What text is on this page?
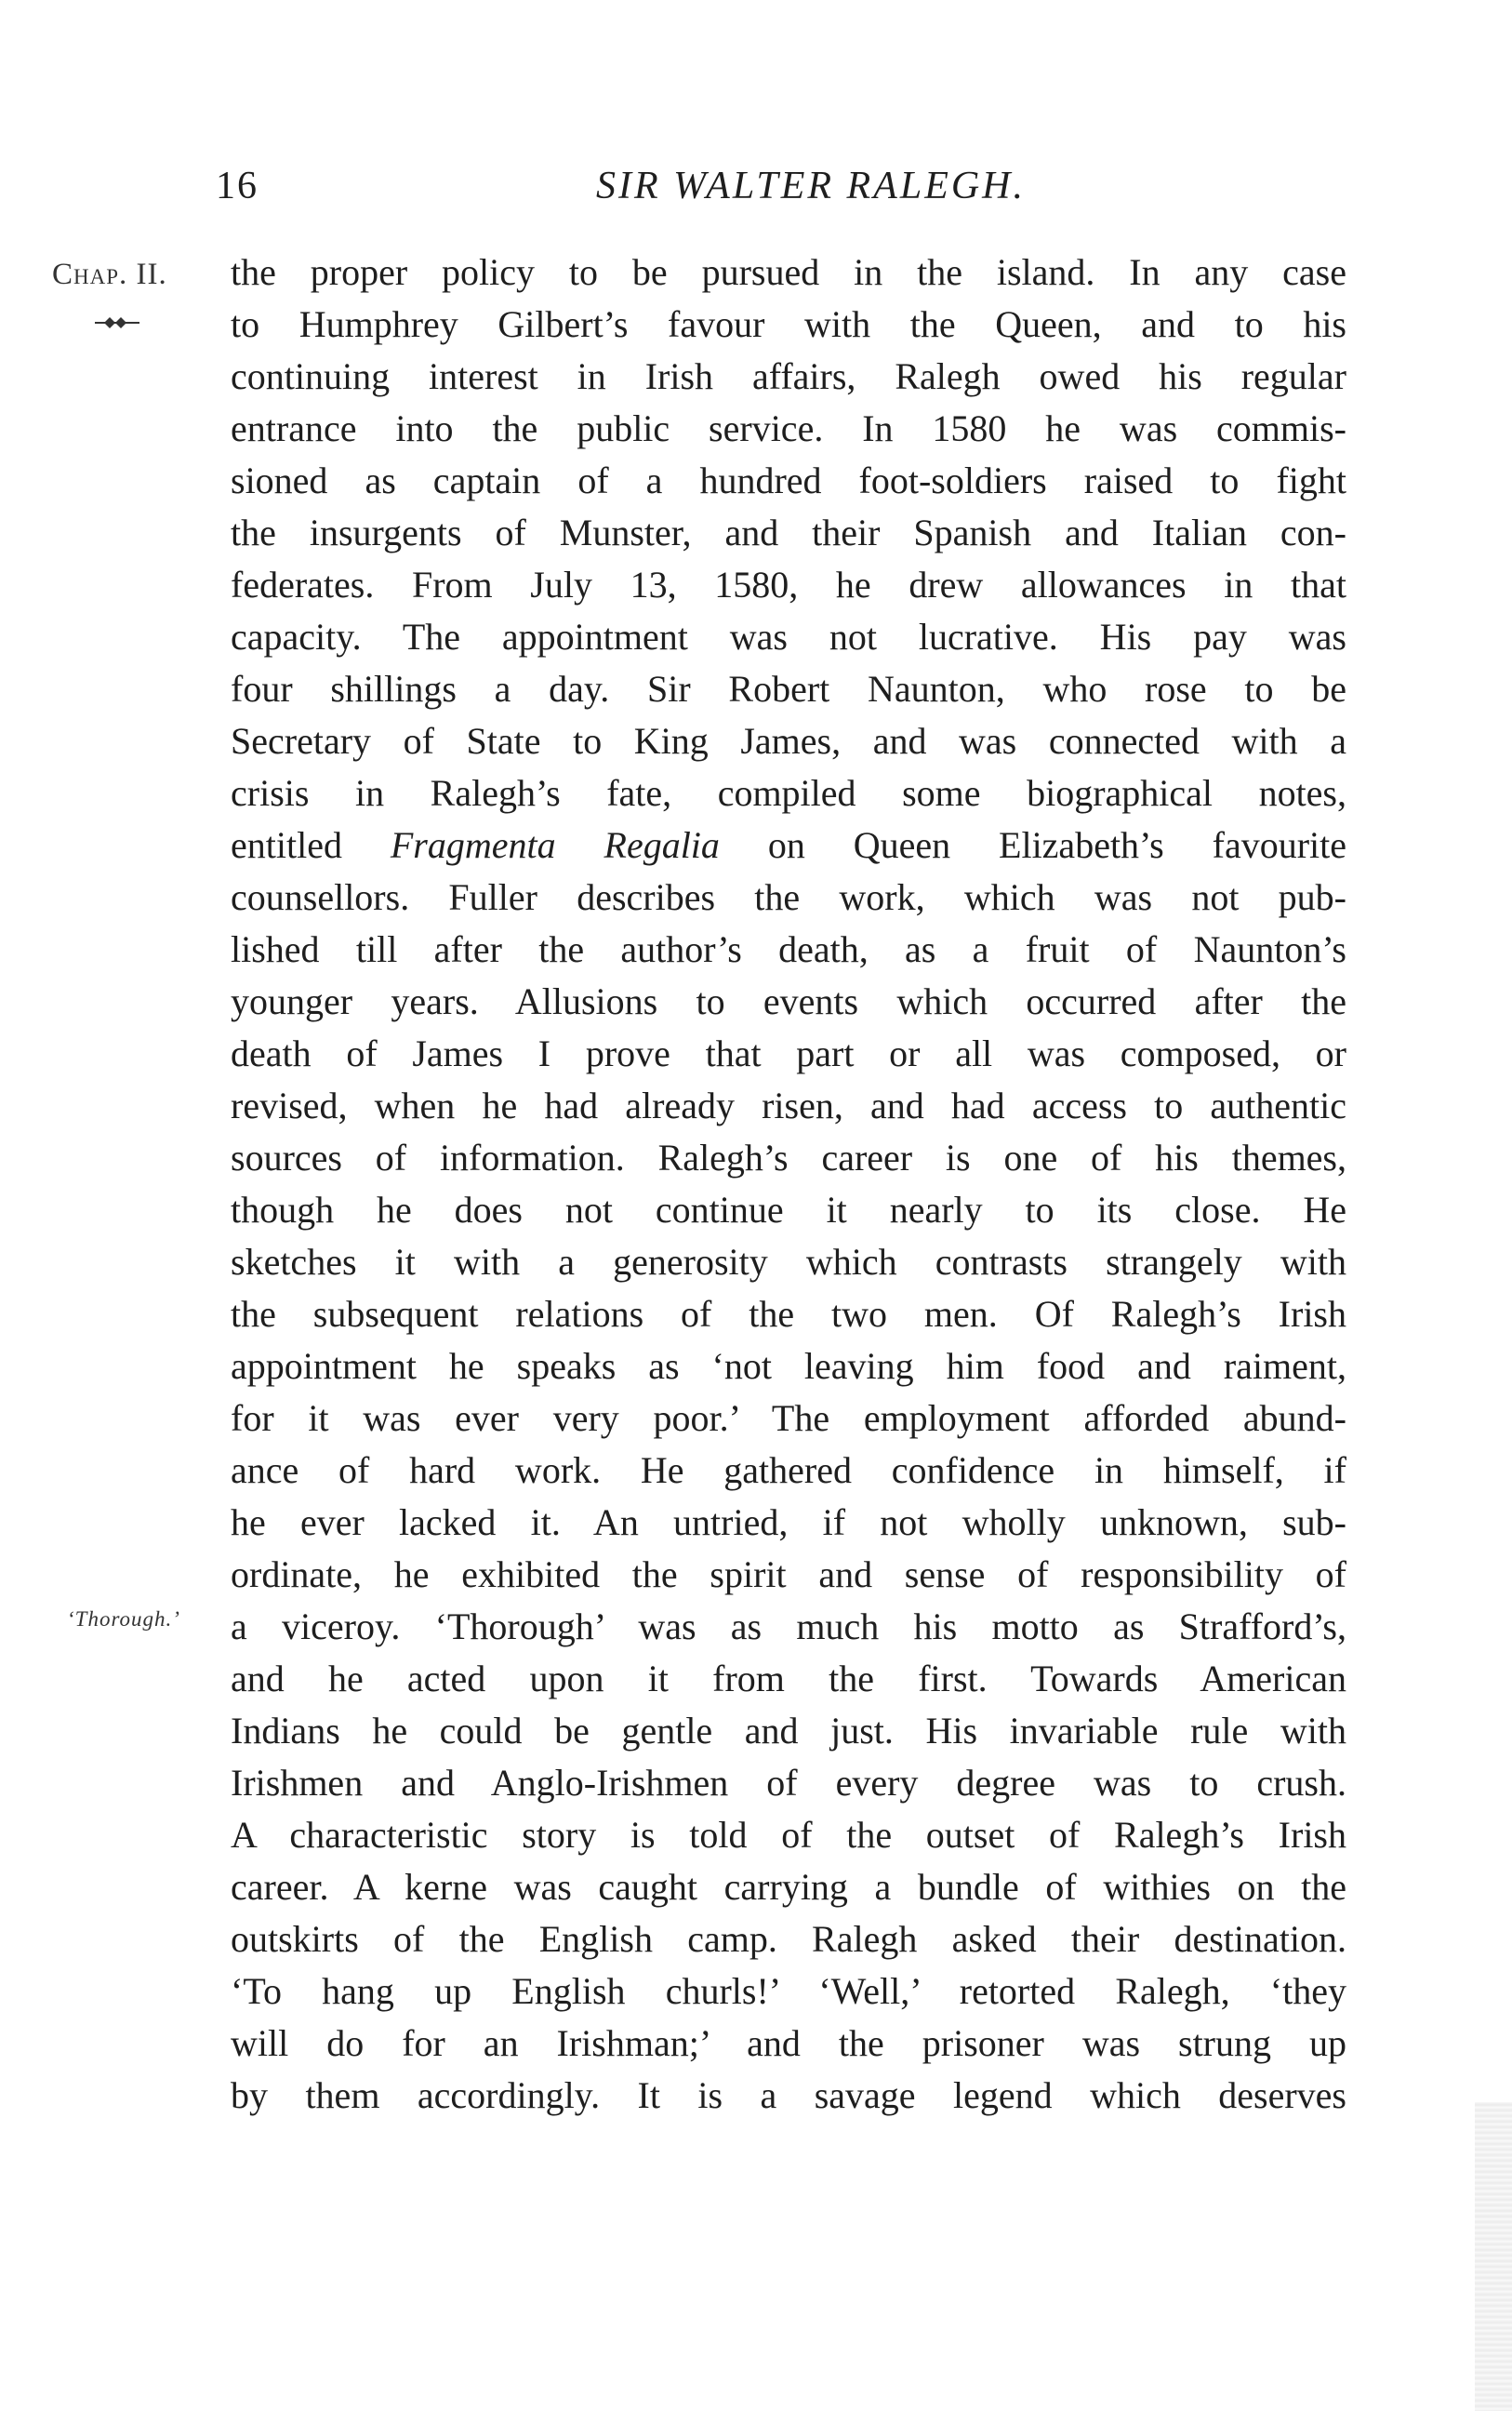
16	SIR WALTER RALEGH.
Chap. II.
‘Thorough.’
the proper policy to be pursued in the island. In any case
to Humphrey Gilbert’s favour with the Queen, and to his
continuing interest in Irish affairs, Ralegh owed his regular
entrance into the public service. In 1580 he was commis-
sioned as captain of a hundred foot-soldiers raised to fight
the insurgents of Munster, and their Spanish and Italian con-
federates. From July 13, 1580, he drew allowances in that
capacity. The appointment was not lucrative. His pay was
four shillings a day. Sir Robert Naunton, who rose to be
Secretary of State to King James, and was connected with a
crisis in Ralegh’s fate, compiled some biographical notes,
entitled Fragmenta Regalia on Queen Elizabeth’s favourite
counsellors. Fuller describes the work, which was not pub-
lished till after the author’s death, as a fruit of Naunton’s
younger years. Allusions to events which occurred after the
death of James I prove that part or all was composed, or
revised, when he had already risen, and had access to authentic
sources of information. Ralegh’s career is one of his themes,
though he does not continue it nearly to its close. He
sketches it with a generosity which contrasts strangely with
the subsequent relations of the two men. Of Ralegh’s Irish
appointment he speaks as ‘not leaving him food and raiment,
for it was ever very poor.’ The employment afforded abund-
ance of hard work. He gathered confidence in himself, if
he ever lacked it. An untried, if not wholly unknown, sub-
ordinate, he exhibited the spirit and sense of responsibility of
a viceroy. ‘Thorough’ was as much his motto as Strafford’s,
and he acted upon it from the first. Towards American
Indians he could be gentle and just. His invariable rule with
Irishmen and Anglo-Irishmen of every degree was to crush.
A characteristic story is told of the outset of Ralegh’s Irish
career. A kerne was caught carrying a bundle of withies on the
outskirts of the English camp. Ralegh asked their destination.
‘To hang up English churls!’ ‘Well,’ retorted Ralegh, ‘they
will do for an Irishman;’ and the prisoner was strung up
by them accordingly. It is a savage legend which deserves
